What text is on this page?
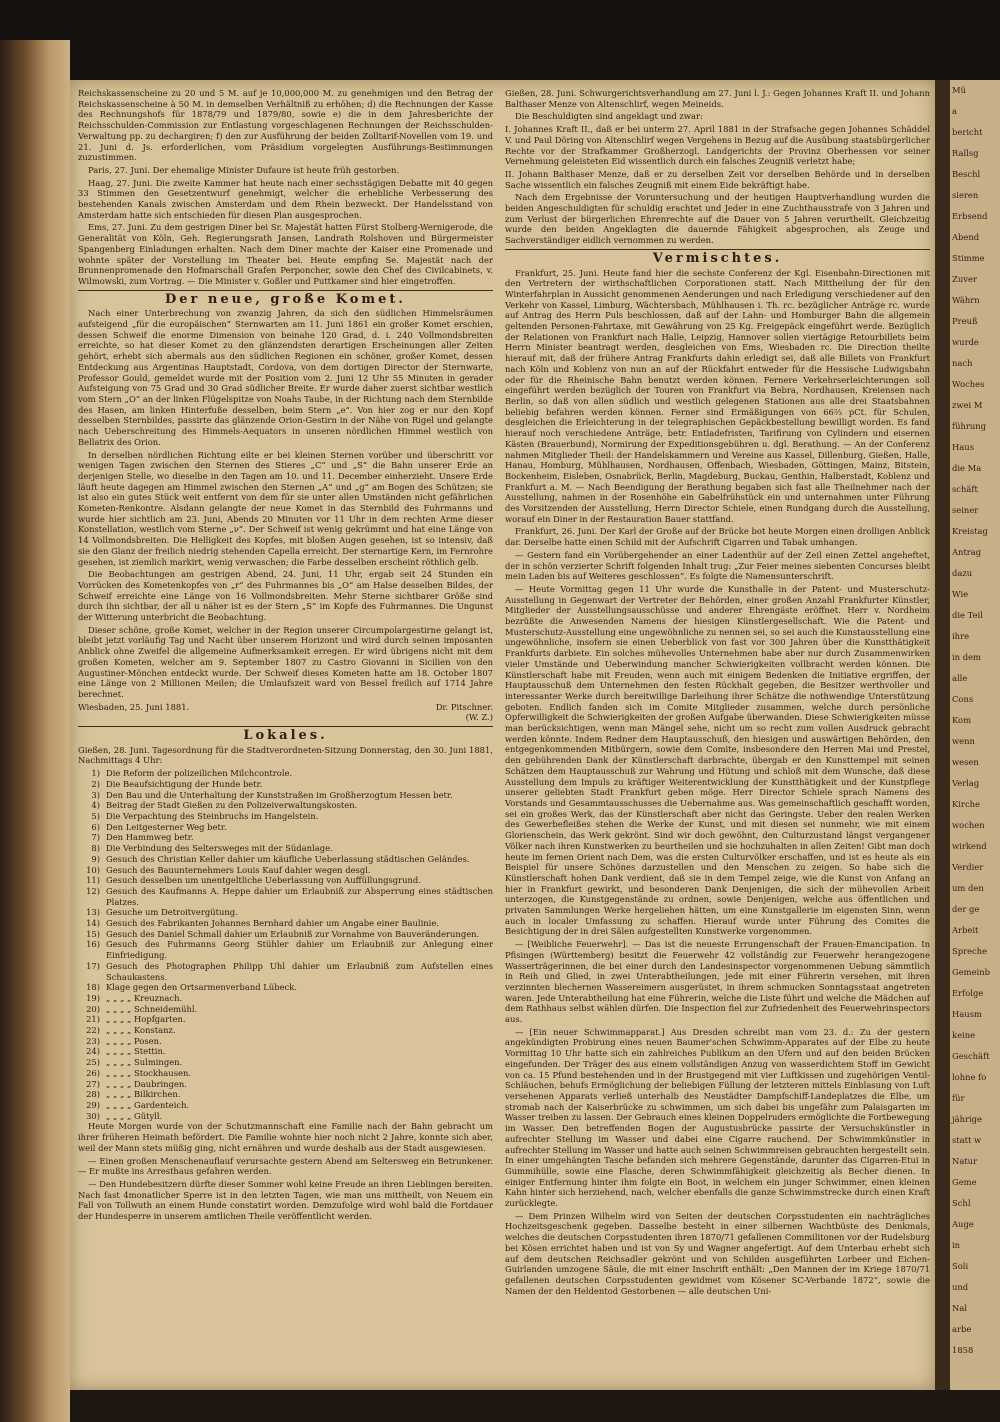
Reichskassenscheine zu 20 und 5 M. auf je 10,000,000 M. zu genehmigen und den Betrag der Reichskassenscheine à 50 M. in demselben Verhältniß zu erhöhen; d) die Rechnungen der Kasse des Rechnungshofs für 1878/79 und 1879/80, sowie e) die in dem Jahresberichte der Reichsschulden-Commission zur Entlastung vorgeschlagenen Rechnungen der Reichsschulden-Verwaltung pp. zu dechargiren; f) den zur Ausführung der beiden Zolltarif-Novellen vom 19. und 21. Juni d. Js. erforderlichen, vom Präsidium vorgelegten Ausführungs-Bestimmungen zuzustimmen.

Paris, 27. Juni. Der ehemalige Minister Dufaure ist heute früh gestorben.

Haag, 27. Juni. Die zweite Kammer hat heute nach einer sechsstägigen Debatte mit 40 gegen 33 Stimmen den Gesetzentwurf genehmigt, welcher die erhebliche Verbesserung des bestehenden Kanals zwischen Amsterdam und dem Rhein bezweckt. Der Handelsstand von Amsterdam hatte sich entschieden für diesen Plan ausgesprochen.

Ems, 27. Juni. Zu dem gestrigen Diner bei Sr. Majestät hatten Fürst Stolberg-Wernigerode, die Generalität von Köln, Geh. Regierungsrath Jansen, Landrath Rolshoven und Bürgermeister Spangenberg Einladungen erhalten. Nach dem Diner machte der Kaiser eine Promenade und wohnte später der Vorstellung im Theater bei. Heute empfing Se. Majestät nach der Brunnenpromenade den Hofmarschall Grafen Perponcher, sowie den Chef des Civilcabinets, v. Wilmowski, zum Vortrag. — Die Minister v. Goßler und Puttkamer sind hier eingetroffen.

Der neue, große Komet.

Nach einer Unterbrechung von zwanzig Jahren, da sich den südlichen Himmelsräumen aufsteigend „für die europäischen“ Sternwarten am 11. Juni 1861 ein großer Komet erschien, dessen Schweif die enorme Dimension von beinahe 120 Grad, d. i. 240 Vollmondsbreiten erreichte, so hat dieser Komet zu den glänzendsten derartigen Erscheinungen aller Zeiten gehört, erhebt sich abermals aus den südlichen Regionen ein schöner, großer Komet, dessen Entdeckung aus Argentinas Hauptstadt, Cordova, von dem dortigen Director der Sternwarte, Professor Gould, gemeldet wurde mit der Position vom 2. Juni 12 Uhr 55 Minuten in gerader Aufsteigung von 75 Grad und 30 Grad südlicher Breite. Er wurde daher zuerst sichtbar westlich vom Stern „O“ an der linken Flügelspitze von Noahs Taube, in der Richtung nach dem Sternbilde des Hasen, am linken Hinterfuße desselben, beim Stern „e“. Von hier zog er nur den Kopf desselben Sternbildes, passirte das glänzende Orion-Gestirn in der Nähe von Rigel und gelangte nach Ueberschreitung des Himmels-Aequators in unseren nördlichen Himmel westlich von Bellatrix des Orion.

In derselben nördlichen Richtung eilte er bei kleinen Sternen vorüber und überschritt vor wenigen Tagen zwischen den Sternen des Stieres „C“ und „S“ die Bahn unserer Erde an derjenigen Stelle, wo dieselbe in den Tagen am 10. und 11. December einherzieht. Unsere Erde läuft heute dagegen am Himmel zwischen den Sternen „A“ und „g“ am Bogen des Schützen; sie ist also ein gutes Stück weit entfernt von dem für sie unter allen Umständen nicht gefährlichen Kometen-Renkontre. Alsdann gelangte der neue Komet in das Sternbild des Fuhrmanns und wurde hier sichtlich am 23. Juni, Abends 20 Minuten vor 11 Uhr in dem rechten Arme dieser Konstellation, westlich vom Sterne „ν“. Der Schweif ist wenig gekrümmt und hat eine Länge von 14 Vollmondsbreiten. Die Helligkeit des Kopfes, mit bloßen Augen gesehen, ist so intensiv, daß sie den Glanz der freilich niedrig stehenden Capella erreicht. Der sternartige Kern, im Fernrohre gesehen, ist ziemlich markirt, wenig verwaschen; die Farbe desselben erscheint röthlich gelb.

Die Beobachtungen am gestrigen Abend, 24. Juni, 11 Uhr, ergab seit 24 Stunden ein Vorrücken des Kometenkopfes von „r“ des Fuhrmannes bis „O“ am Halse desselben Bildes, der Schweif erreichte eine Länge von 16 Vollmondsbreiten. Mehr Sterne sichtbarer Größe sind durch ihn sichtbar, der all u näher ist es der Stern „S“ im Kopfe des Fuhrmannes. Die Ungunst der Witterung unterbricht die Beobachtung.

Dieser schöne, große Komet, welcher in der Region unserer Circumpolargestirne gelangt ist, bleibt jetzt vorläufig Tag und Nacht über unserem Horizont und wird durch seinen imposanten Anblick ohne Zweifel die allgemeine Aufmerksamkeit erregen. Er wird übrigens nicht mit dem großen Kometen, welcher am 9. September 1807 zu Castro Giovanni in Sicilien von den Augustiner-Mönchen entdeckt wurde. Der Schweif dieses Kometen hatte am 18. October 1807 eine Länge von 2 Millionen Meilen; die Umlaufszeit ward von Bessel freilich auf 1714 Jahre berechnet.

Wiesbaden, 25. Juni 1881.	Dr. Pitschner.
(W. Z.)
Lokales.

Gießen, 28. Juni. Tagesordnung für die Stadtverordneten-Sitzung Donnerstag, den 30. Juni 1881, Nachmittags 4 Uhr:

1) Die Reform der polizeilichen Milchcontrole.
2) Die Beaufsichtigung der Hunde betr.
3) Den Bau und die Unterhaltung der Kunststraßen im Großherzogtum Hessen betr.
4) Beitrag der Stadt Gießen zu den Polizeiverwaltungskosten.
5) Die Verpachtung des Steinbruchs im Hangelstein.
6) Den Leitgesterner Weg betr.
7) Den Hammweg betr.
8) Die Verbindung des Seltersweges mit der Südanlage.
9) Gesuch des Christian Keller dahier um käufliche Ueberlassung städtischen Geländes.
10) Gesuch des Bauunternehmers Louis Kauf dahier wegen desgl.
11) Gesuch desselben um unentgeltliche Ueberlassung von Auffüllungsgrund.
12) Gesuch des Kaufmanns A. Heppe dahier um Erlaubniß zur Absperrung eines städtischen Platzes.
13) Gesuche um Detroitvergütung.
14) Gesuch des Fabrikanten Johannes Bernhard dahier um Angabe einer Baulinie.
15) Gesuch des Daniel Schmall dahier um Erlaubniß zur Vornahme von Bauveränderungen.
16) Gesuch des Fuhrmanns Georg Stühler dahier um Erlaubniß zur Anlegung einer Einfriedigung.
17) Gesuch des Photographen Philipp Uhl dahier um Erlaubniß zum Aufstellen eines Schaukastens.
18) Klage gegen den Ortsarmenverband Lübeck.
19) „ „ „ „ Kreuznach.
20) „ „ „ „ Schneidemühl.
21) „ „ „ „ Hopfgarten.
22) „ „ „ „ Konstanz.
23) „ „ „ „ Posen.
24) „ „ „ „ Stettin.
25) „ „ „ „ Sulmingen.
26) „ „ „ „ Stockhausen.
27) „ „ „ „ Daubringen.
28) „ „ „ „ Bilkirchen.
29) „ „ „ „ Gardenteich.
30) „ „ „ „ Gütyll.

Heute Morgen wurde von der Schutzmannschaft eine Familie nach der Bahn gebracht um ihrer früheren Heimath befördert. Die Familie wohnte hier noch nicht 2 Jahre, konnte sich aber, weil der Mann stets müßig ging, nicht ernähren und wurde deshalb aus der Stadt ausgewiesen.

— Einen großen Menschenauflauf verursachte gestern Abend am Seltersweg ein Betrunkener. — Er mußte ins Arresthaus gefahren werden.

— Den Hundebesitzern dürfte dieser Sommer wohl keine Freude an ihren Lieblingen bereiten. Nach fast 4monatlicher Sperre ist in den letzten Tagen, wie man uns mittheilt, von Neuem ein Fall von Tollwuth an einem Hunde constatirt worden. Demzufolge wird wohl bald die Fortdauer der Hundesperre in unserem amtlichen Theile veröffentlicht werden.

Gießen, 28. Juni. Schwurgerichtsverhandlung am 27. Juni l. J.: Gegen Johannes Kraft II. und Johann Balthaser Menze von Altenschlirf, wegen Meineids.

Die Beschuldigten sind angeklagt und zwar:

I. Johannes Kraft II., daß er bei unterm 27. April 1881 in der Strafsache gegen Johannes Schäddel V. und Paul Döring von Altenschlirf wegen Vergehens in Bezug auf die Ausübung staatsbürgerlicher Rechte vor der Strafkammer Großherzogl. Landgerichts der Provinz Oberhessen vor seiner Vernehmung geleisteten Eid wissentlich durch ein falsches Zeugniß verletzt habe;

II. Johann Balthaser Menze, daß er zu derselben Zeit vor derselben Behörde und in derselben Sache wissentlich ein falsches Zeugniß mit einem Eide bekräftigt habe.

Nach dem Ergebnisse der Voruntersuchung und der heutigen Hauptverhandlung wurden die beiden Angeschuldigten für schuldig erachtet und Jeder in eine Zuchthausstrafe von 3 Jahren und zum Verlust der bürgerlichen Ehrenrechte auf die Dauer von 5 Jahren verurtheilt. Gleichzeitig wurde den beiden Angeklagten die dauernde Fähigkeit abgesprochen, als Zeuge und Sachverständiger eidlich vernommen zu werden.

Vermischtes.

Frankfurt, 25. Juni. Heute fand hier die sechste Conferenz der Kgl. Eisenbahn-Directionen mit den Vertretern der wirthschaftlichen Corporationen statt. Nach Mittheilung der für den Winterfahrplan in Aussicht genommenen Aenderungen und nach Erledigung verschiedener auf den Verkehr von Kassel, Limburg, Wächtersbach, Mühlhausen i. Th. rc. bezüglicher Anträge rc. wurde auf Antrag des Herrn Puls beschlossen, daß auf der Lahn- und Homburger Bahn die allgemein geltenden Personen-Fahrtaxe, mit Gewährung von 25 Kg. Freigepäck eingeführt werde. Bezüglich der Relationen von Frankfurt nach Halle, Leipzig, Hannover sollen viertägige Retourbillets beim Herrn Minister beantragt werden, desgleichen von Ems, Wiesbaden rc. Die Direction theilte hierauf mit, daß der frühere Antrag Frankfurts dahin erledigt sei, daß alle Billets von Frankfurt nach Köln und Koblenz von nun an auf der Rückfahrt entweder für die Hessische Ludwigsbahn oder für die Rheinische Bahn benutzt werden können. Fernere Verkehrserleichterungen soll eingeführt werden bezüglich der Touren von Frankfurt via Bebra, Nordhausen, Kreiensen nach Berlin, so daß von allen südlich und westlich gelegenen Stationen aus alle drei Staatsbahnen beliebig befahren werden können. Ferner sind Ermäßigungen von 66⅔ pCt. für Schulen, desgleichen die Erleichterung in der telegraphischen Gepäckbestellung bewilligt worden. Es fand hierauf noch verschiedene Anträge, betr. Entladefristen, Tarifirung von Cylindern und eisernen Kästen (Brauerbund), Normirung der Expeditionsgebühren u. dgl. Berathung. — An der Conferenz nahmen Mitglieder Theil: der Handelskammern und Vereine aus Kassel, Dillenburg, Gießen, Halle, Hanau, Homburg, Mühlhausen, Nordhausen, Offenbach, Wiesbaden, Göttingen, Mainz, Bitstein, Bockenheim, Eisleben, Osnabrück, Berlin, Magdeburg, Buckau, Genthin, Halberstadt, Koblenz und Frankfurt a. M. — Nach Beendigung der Berathung begaben sich fast alle Theilnehmer nach der Ausstellung, nahmen in der Rosenhöhe ein Gabelfrühstück ein und unternahmen unter Führung des Vorsitzenden der Ausstellung, Herrn Director Schiele, einen Rundgang durch die Ausstellung, worauf ein Diner in der Restauration Bauer stattfand.

Frankfurt, 26. Juni. Der Karl der Große auf der Brücke bot heute Morgen einen drolligen Anblick dar. Derselbe hatte einen Schild mit der Aufschrift Cigarren und Tabak umhangen.

— Gestern fand ein Vorübergehender an einer Ladenthür auf der Zeil einen Zettel angeheftet, der in schön verzierter Schrift folgenden Inhalt trug: „Zur Feier meines siebenten Concurses bleibt mein Laden bis auf Weiteres geschlossen“. Es folgte die Namensunterschrift.

— Heute Vormittag gegen 11 Uhr wurde die Kunsthalle in der Patent- und Musterschutz-Ausstellung in Gegenwart der Vertreter der Behörden, einer großen Anzahl Frankfurter Künstler, Mitglieder der Ausstellungsausschüsse und anderer Ehrengäste eröffnet. Herr v. Nordheim bezrüßte die Anwesenden Namens der hiesigen Künstlergesellschaft. Wie die Patent- und Musterschutz-Ausstellung eine ungewöhnliche zu nennen sei, so sei auch die Kunstausstellung eine ungewöhnliche, insofern sie einen Ueberblick von fast vor 300 Jahren über die Kunstthätigkeit Frankfurts darbiete. Ein solches mühevolles Unternehmen habe aber nur durch Zusammenwirken vieler Umstände und Ueberwindung mancher Schwierigkeiten vollbracht werden können. Die Künstlerschaft habe mit Freuden, wenn auch mit einigem Bedenken die Initiative ergriffen, der Hauptausschuß dem Unternehmen den festen Rückhalt gegeben, die Besitzer werthvoller und interessanter Werke durch bereitwillige Darleihung ihrer Schätze die nothwendige Unterstützung geboten. Endlich fanden sich im Comite Mitglieder zusammen, welche durch persönliche Opferwilligkeit die Schwierigkeiten der großen Aufgabe überwanden. Diese Schwierigkeiten müsse man berücksichtigen, wenn man Mängel sehe, nicht um so recht zum vollen Ausdruck gebracht werden könnte. Indem Redner dem Hauptausschuß, den hiesigen und auswärtigen Behörden, den entgegenkommenden Mitbürgern, sowie dem Comite, insbesondere den Herren Mai und Prestel, den gebührenden Dank der Künstlerschaft darbrachte, übergab er den Kunsttempel mit seinen Schätzen dem Hauptausschuß zur Wahrung und Hütung und schloß mit dem Wunsche, daß diese Ausstellung dem Impuls zu kräftiger Weiterentwicklung der Kunstthätigkeit und der Kunstpflege unserer geliebten Stadt Frankfurt geben möge. Herr Director Schiele sprach Namens des Vorstands und Gesammtausschusses die Uebernahme aus. Was gemeinschaftlich geschafft worden, sei ein großes Werk, das der Künstlerschaft aber nicht das Geringste. Ueber den realen Werken des Gewerbefleißes stehen die Werke der Kunst, und mit diesen sei nunmehr, wie mit einem Glorienschein, das Werk gekrönt. Sind wir doch gewöhnt, den Culturzustand längst vergangener Völker nach ihren Kunstwerken zu beurtheilen und sie hochzuhalten in allen Zeiten! Gibt man doch heute im fernen Orient nach Dem, was die ersten Culturvölker erschaffen, und ist es heute als ein Beispiel für unsere Schönes darzustellen und den Menschen zu zeigen. So habe sich die Künstlerschaft hohen Dank verdient, daß sie in dem Tempel zeige, wie die Kunst von Anfang an hier in Frankfurt gewirkt, und besonderen Dank Denjenigen, die sich der mühevollen Arbeit unterzogen, die Kunstgegenstände zu ordnen, sowie Denjenigen, welche aus öffentlichen und privaten Sammlungen Werke hergeliehen hätten, um eine Kunstgallerie im eigensten Sinn, wenn auch in localer Umfassung zu schaffen. Hierauf wurde unter Führung des Comites die Besichtigung der in drei Sälen aufgestellten Kunstwerke vorgenommen.

— [Weibliche Feuerwehr]. — Das ist die neueste Errungenschaft der Frauen-Emancipation. In Pfisingen (Württemberg) besitzt die Feuerwehr 42 vollständig zur Feuerwehr herangezogene Wasserträgerinnen, die bei einer durch den Landesinspector vorgenommenen Uebung sämmtlich in Reih und Glied, in zwei Unterabtheilungen, jede mit einer Führerin versehen, mit ihren verzinnten blechernen Wassereimern ausgerüstet, in ihrem schmucken Sonntagsstaat angetreten waren. Jede Unterabtheilung hat eine Führerin, welche die Liste führt und welche die Mädchen auf dem Rathhaus selbst wählen dürfen. Die Inspection fiel zur Zufriedenheit des Feuerwehrinspectors aus.

— [Ein neuer Schwimmapparat.] Aus Dresden schreibt man vom 23. d.: Zu der gestern angekündigten Probirung eines neuen Baumer'schen Schwimm-Apparates auf der Elbe zu heute Vormittag 10 Uhr hatte sich ein zahlreiches Publikum an den Ufern und auf den beiden Brücken eingefunden. Der Träger des aus einem vollständigen Anzug von wasserdichtem Stoff im Gewicht von ca. 15 Pfund bestehenden und in der Brustgegend mit vier Luftkissen und zugehörigen Ventil-Schläuchen, behufs Ermöglichung der beliebigen Füllung der letzteren mittels Einblasung von Luft versehenen Apparats verließ unterhalb des Neustädter Dampfschiff-Landeplatzes die Elbe, um stromab nach der Kaiserbrücke zu schwimmen, um sich dabei bis ungefähr zum Palaisgarten im Wasser treiben zu lassen. Der Gebrauch eines kleinen Doppelruders ermöglichte die Fortbewegung im Wasser. Den betreffenden Bogen der Augustusbrücke passirte der Versuchskünstler in aufrechter Stellung im Wasser und dabei eine Cigarre rauchend. Der Schwimmkünstler in aufrechter Stellung im Wasser und hatte auch seinen Schwimmreisen gebrauchten hergestellt sein. In einer umgehängten Tasche befanden sich mehrere Gegenstände, darunter das Cigarren-Etui in Gummihülle, sowie eine Flasche, deren Schwimmfähigkeit gleichzeitig als Becher dienen. In einiger Entfernung hinter ihm folgte ein Boot, in welchem ein junger Schwimmer, einen kleinen Kahn hinter sich herziehend, nach, welcher ebenfalls die ganze Schwimmstrecke durch einen Kraft zurücklegte.

— Dem Prinzen Wilhelm wird von Seiten der deutschen Corpsstudenten ein nachträgliches Hochzeitsgeschenk gegeben. Dasselbe besteht in einer silbernen Wachtbüste des Denkmals, welches die deutschen Corpsstudenten ihren 1870/71 gefallenen Commilitonen vor der Rudelsburg bei Kösen errichtet haben und ist von Sy und Wagner angefertigt. Auf dem Unterbau erhebt sich auf dem deutschen Reichsadler gekrönt und von Schilden ausgeführten Lorbeer und Eichen-Guirlanden umzogene Säule, die mit einer Inschrift enthält: „Den Mannen der im Kriege 1870/71 gefallenen deutschen Corpsstudenten gewidmet vom Kösener SC-Verbande 1872“, sowie die Namen der den Heldentod Gestorbenen — alle deutschen Uni-

Mü
a
bericht
Rallsg
Beschl
sieren
Erbsend
Abend
Stimme
Zuver
Währn
Preuß
wurde
nach
Woches
zwei M
führung
Haus
die Ma
schäft
seiner
Kreistag
Antrag
dazu
Wie
die Teil
ihre
in dem
alle
Cons
Kom
wenn
wesen
Verlag
Kirche
wochen
wirkend
Verdier
um den
der ge
Arbeit
Spreche
Gemeinb
Erfolge
Hausm
keine
Geschäft
lohne fo
für
jährige
statt w
Natur
Geme
Schl
Auge
in
Soli
und
Nal
arbe
1858
